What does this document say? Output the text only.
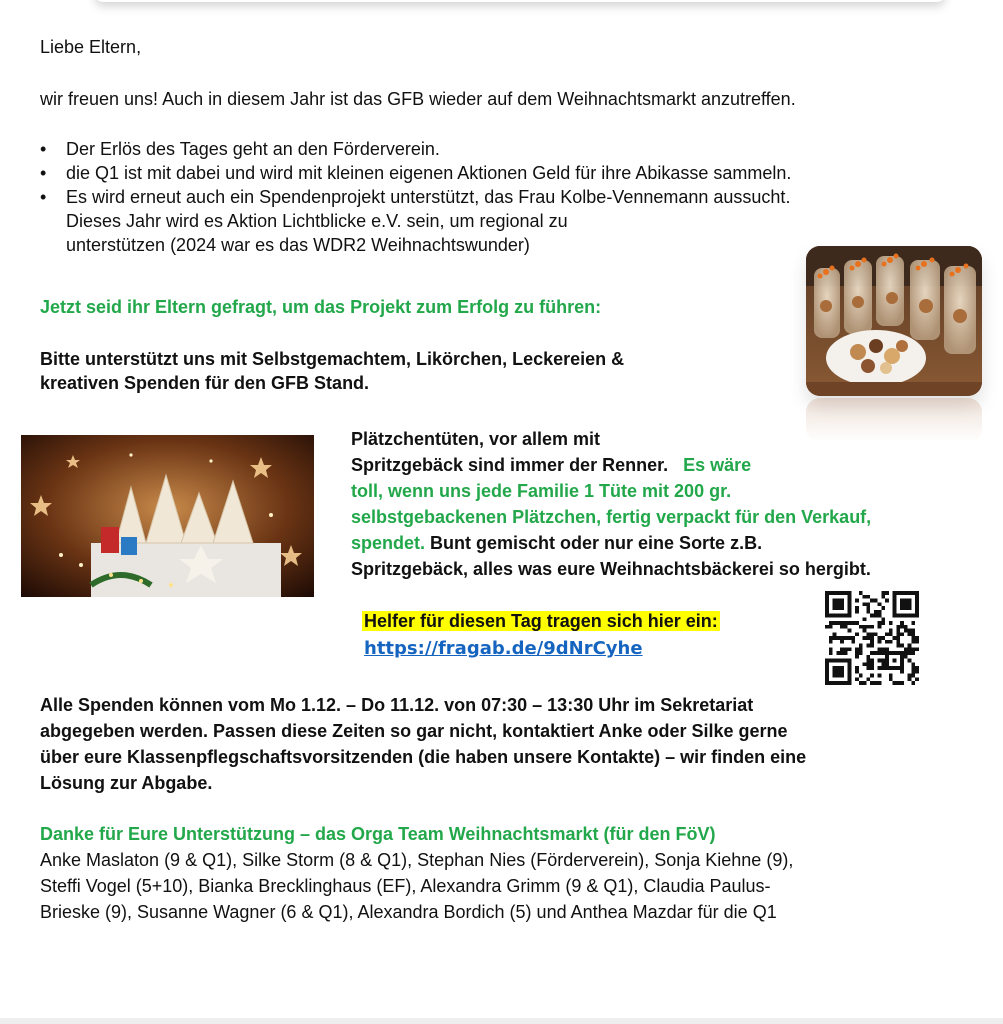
Liebe Eltern,

wir freuen uns! Auch in diesem Jahr ist das GFB wieder auf dem Weihnachtsmarkt anzutreffen.

• Der Erlös des Tages geht an den Förderverein.
• die Q1 ist mit dabei und wird mit kleinen eigenen Aktionen Geld für ihre Abikasse sammeln.
• Es wird erneut auch ein Spendenprojekt unterstützt, das Frau Kolbe-Vennemann aussucht.
Dieses Jahr wird es Aktion Lichtblicke e.V. sein, um regional zu
unterstützen (2024 war es das WDR2 Weihnachtswunder)

Jetzt seid ihr Eltern gefragt, um das Projekt zum Erfolg zu führen:

Bitte unterstützt uns mit Selbstgemachtem, Likörchen, Leckereien &

kreativen Spenden für den GFB Stand.

Plätzchentüten, vor allem mit

Spritzgebäck sind immer der Renner. Es wäre

toll, wenn uns jede Familie 1 Tüte mit 200 gr.

selbstgebackenen Plätzchen, fertig verpackt für den Verkauf,

spendet. Bunt gemischt oder nur eine Sorte z.B.

Spritzgebäck, alles was eure Weihnachtsbäckerei so hergibt.

Helfer für diesen Tag tragen sich hier ein:

https://fragab.de/9dNrCyhe

Alle Spenden können vom Mo 1.12. – Do 11.12. von 07:30 – 13:30 Uhr im Sekretariat

abgegeben werden. Passen diese Zeiten so gar nicht, kontaktiert Anke oder Silke gerne

über eure Klassenpflegschaftsvorsitzenden (die haben unsere Kontakte) – wir finden eine

Lösung zur Abgabe.

Danke für Eure Unterstützung – das Orga Team Weihnachtsmarkt (für den FöV)

Anke Maslaton (9 & Q1), Silke Storm (8 & Q1), Stephan Nies (Förderverein), Sonja Kiehne (9),

Steffi Vogel (5+10), Bianka Brecklinghaus (EF), Alexandra Grimm (9 & Q1), Claudia Paulus-

Brieske (9), Susanne Wagner (6 & Q1), Alexandra Bordich (5) und Anthea Mazdar für die Q1
